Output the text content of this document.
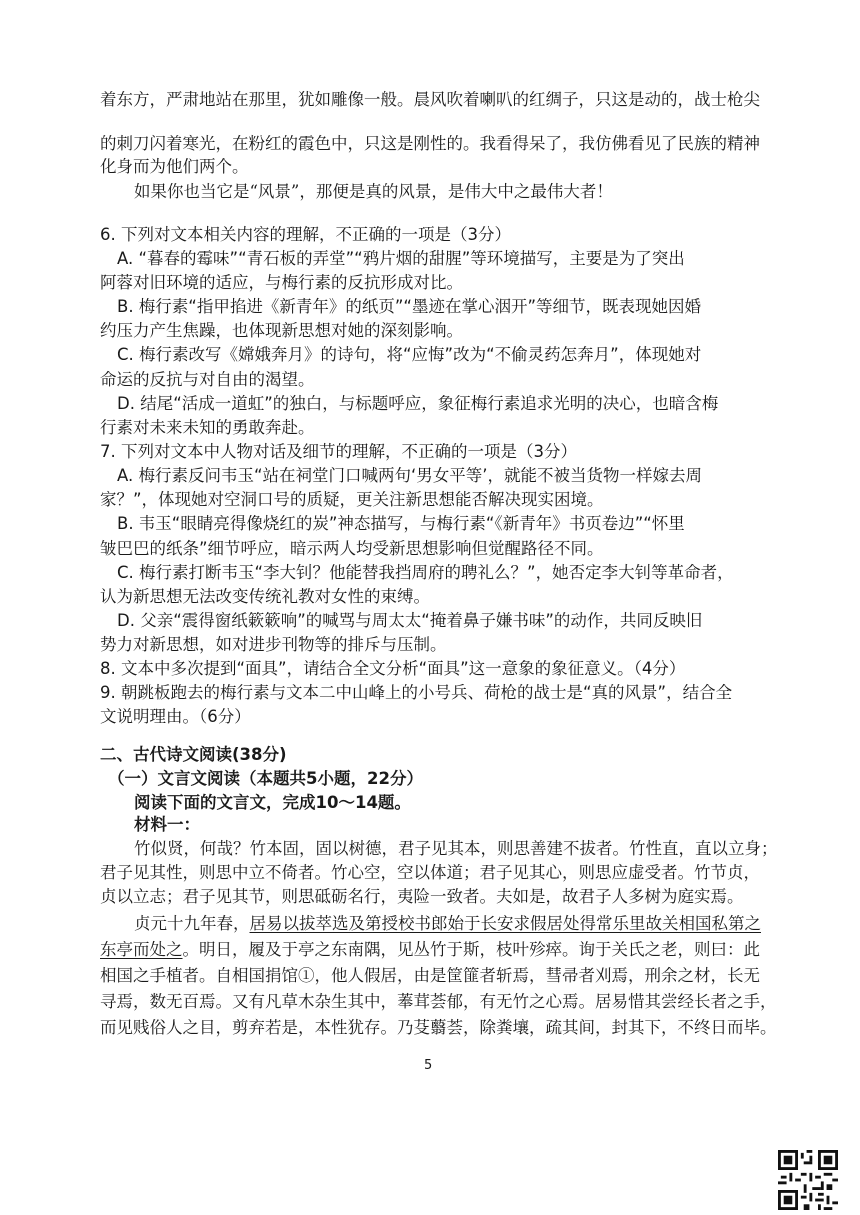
着东方，严肃地站在那里，犹如雕像一般。晨风吹着喇叭的红绸子，只这是动的，战士枪尖
的刺刀闪着寒光，在粉红的霞色中，只这是刚性的。我看得呆了，我仿佛看见了民族的精神
化身而为他们两个。
如果你也当它是“风景”，那便是真的风景，是伟大中之最伟大者！
6. 下列对文本相关内容的理解，不正确的一项是（3分）
A. “暮春的霉味”“青石板的弄堂”“鸦片烟的甜腥”等环境描写，主要是为了突出
阿蓉对旧环境的适应，与梅行素的反抗形成对比。
B. 梅行素“指甲掐进《新青年》的纸页”“墨迹在掌心洇开”等细节，既表现她因婚
约压力产生焦躁，也体现新思想对她的深刻影响。
C. 梅行素改写《嫦娥奔月》的诗句，将“应悔”改为“不偷灵药怎奔月”，体现她对
命运的反抗与对自由的渴望。
D. 结尾“活成一道虹”的独白，与标题呼应，象征梅行素追求光明的决心，也暗含梅
行素对未来未知的勇敢奔赴。
7. 下列对文本中人物对话及细节的理解，不正确的一项是（3分）
A. 梅行素反问韦玉“站在祠堂门口喊两句‘男女平等’，就能不被当货物一样嫁去周
家？”，体现她对空洞口号的质疑，更关注新思想能否解决现实困境。
B. 韦玉“眼睛亮得像烧红的炭”神态描写，与梅行素“《新青年》书页卷边”“怀里
皱巴巴的纸条”细节呼应，暗示两人均受新思想影响但觉醒路径不同。
C. 梅行素打断韦玉“李大钊？他能替我挡周府的聘礼么？”，她否定李大钊等革命者，
认为新思想无法改变传统礼教对女性的束缚。
D. 父亲“震得窗纸簌簌响”的喊骂与周太太“掩着鼻子嫌书味”的动作，共同反映旧
势力对新思想，如对进步刊物等的排斥与压制。
8. 文本中多次提到“面具”，请结合全文分析“面具”这一意象的象征意义。（4分）
9. 朝跳板跑去的梅行素与文本二中山峰上的小号兵、荷枪的战士是“真的风景”，结合全
文说明理由。（6分）
二、古代诗文阅读(38分)
（一）文言文阅读（本题共5小题，22分）
阅读下面的文言文，完成10～14题。
材料一：
竹似贤，何哉？竹本固，固以树德，君子见其本，则思善建不拔者。竹性直，直以立身；
君子见其性，则思中立不倚者。竹心空，空以体道；君子见其心，则思应虚受者。竹节贞，
贞以立志；君子见其节，则思砥砺名行，夷险一致者。夫如是，故君子人多树为庭实焉。
贞元十九年春，居易以拔萃选及第授校书郎始于长安求假居处得常乐里故关相国私第之
东亭而处之。明日，履及于亭之东南隅，见丛竹于斯，枝叶殄瘁。询于关氏之老，则曰：此
相国之手植者。自相国捐馆①，他人假居，由是筐篚者斩焉，彗帚者刈焉，刑余之材，长无
寻焉，数无百焉。又有凡草木杂生其中，菶茸荟郁，有无竹之心焉。居易惜其尝经长者之手，
而见贱俗人之目，剪弃若是，本性犹存。乃芟蘙荟，除粪壤，疏其间，封其下，不终日而毕。
5
